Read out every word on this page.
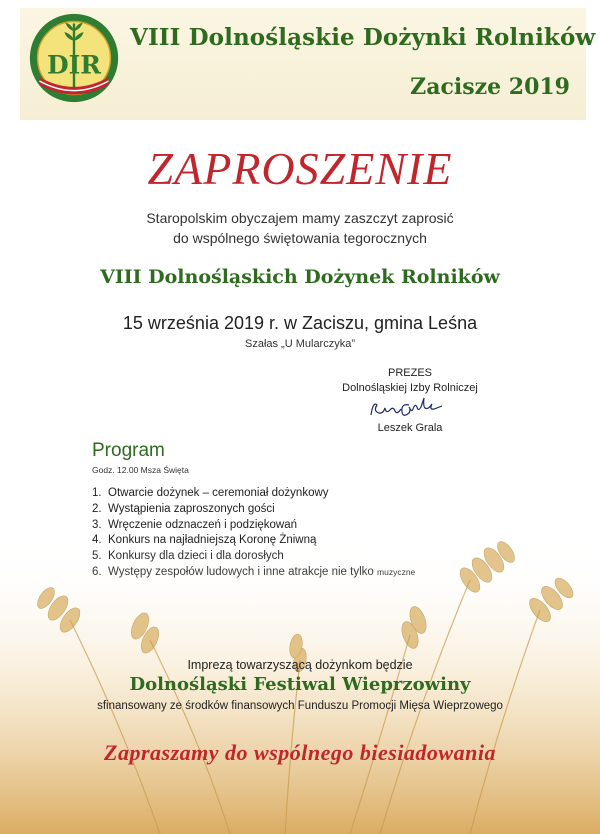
DIR
VIII Dolnośląskie Dożynki Rolników
Zacisze 2019
ZAPROSZENIE
Staropolskim obyczajem mamy zaszczyt zaprosić
do wspólnego świętowania tegorocznych
VIII Dolnośląskich Dożynek Rolników
15 września 2019 r. w Zaciszu, gmina Leśna
Szałas „U Mularczyka”
PREZES
Dolnośląskiej Izby Rolniczej
Leszek Grala
Program
Godz. 12.00 Msza Święta
1. Otwarcie dożynek – ceremoniał dożynkowy
2. Wystąpienia zaproszonych gości
3. Wręczenie odznaczeń i podziękowań
Imprezą towarzyszącą dożynkom będzie
Dolnośląski Festiwal Wieprzowiny
sfinansowany ze środków finansowych Funduszu Promocji Mięsa Wieprzowego
Zapraszamy do wspólnego biesiadowania
